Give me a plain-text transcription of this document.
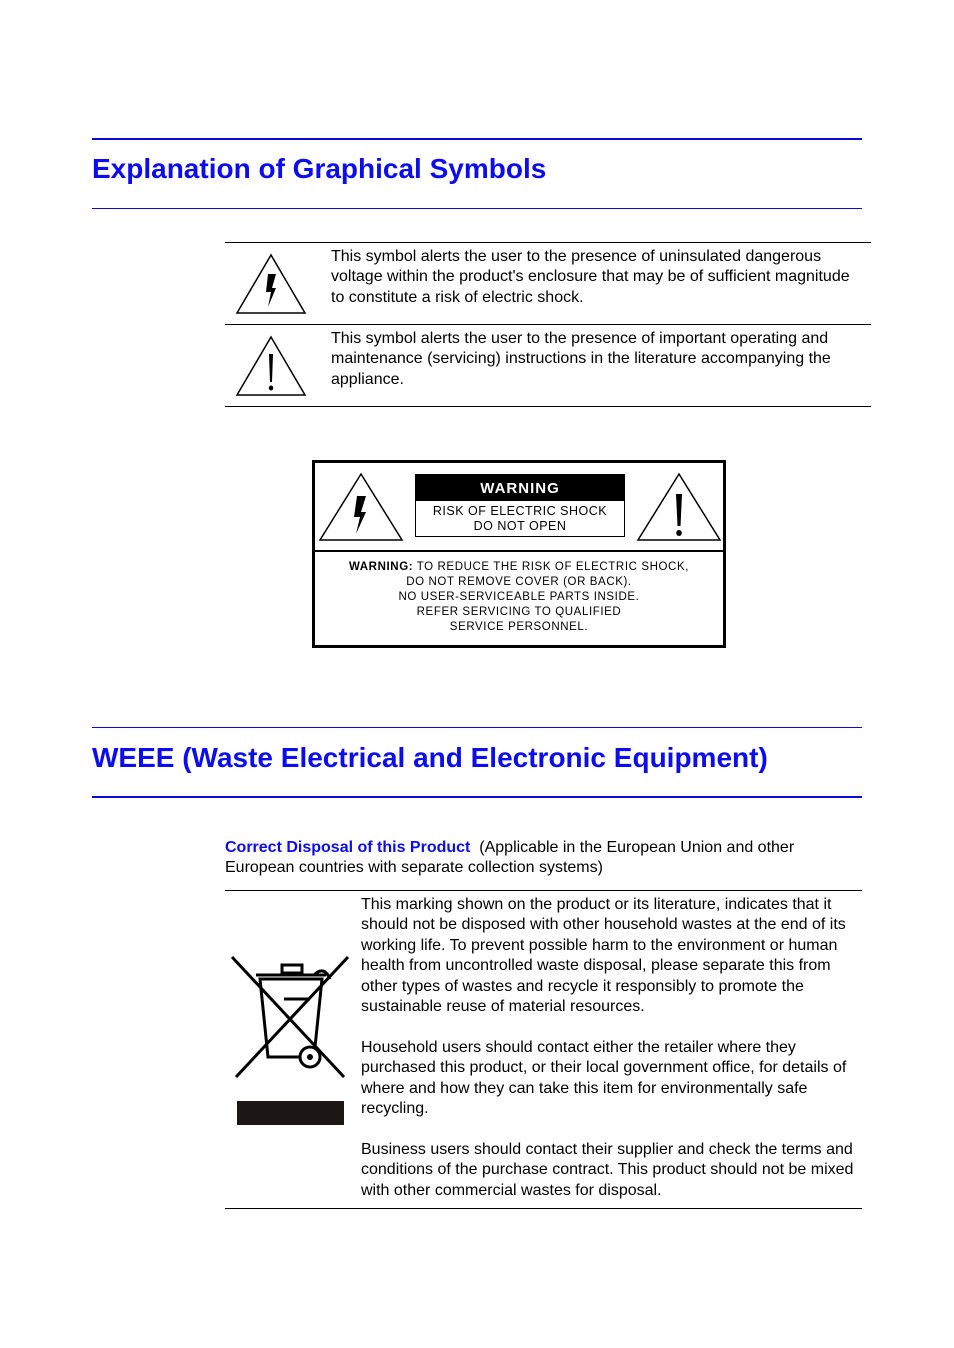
Explanation of Graphical Symbols
This symbol alerts the user to the presence of uninsulated dangerous voltage within the product's enclosure that may be of sufficient magnitude to constitute a risk of electric shock.
This symbol alerts the user to the presence of important operating and maintenance (servicing) instructions in the literature accompanying the appliance.
WARNING
RISK OF ELECTRIC SHOCK
DO NOT OPEN
WARNING: TO REDUCE THE RISK OF ELECTRIC SHOCK,
DO NOT REMOVE COVER (OR BACK).
NO USER-SERVICEABLE PARTS INSIDE.
REFER SERVICING TO QUALIFIED
SERVICE PERSONNEL.
WEEE (Waste Electrical and Electronic Equipment)
Correct Disposal of this Product  (Applicable in the European Union and other European countries with separate collection systems)

This marking shown on the product or its literature, indicates that it should not be disposed with other household wastes at the end of its working life. To prevent possible harm to the environment or human health from uncontrolled waste disposal, please separate this from other types of wastes and recycle it responsibly to promote the sustainable reuse of material resources.

Household users should contact either the retailer where they purchased this product, or their local government office, for details of where and how they can take this item for environmentally safe recycling.

Business users should contact their supplier and check the terms and conditions of the purchase contract. This product should not be mixed with other commercial wastes for disposal.
